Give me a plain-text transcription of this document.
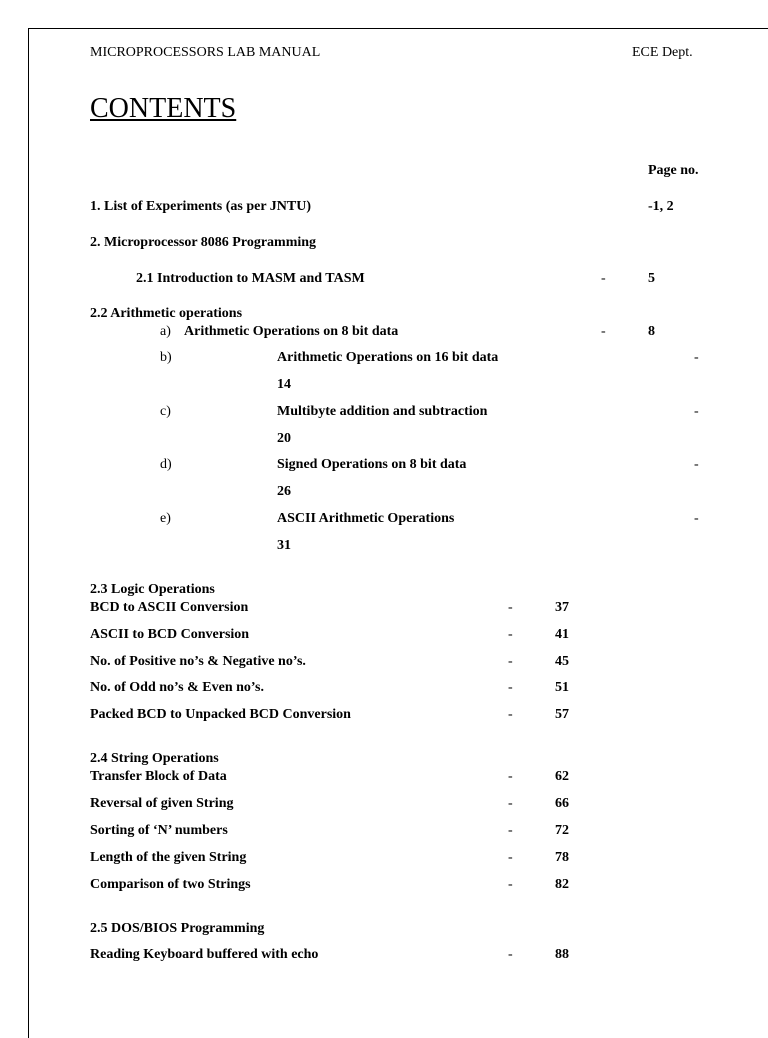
MICROPROCESSORS LAB MANUAL	ECE Dept.
CONTENTS
Page no.
1. List of Experiments (as per JNTU)	-1, 2
2. Microprocessor 8086 Programming
2.1 Introduction to MASM and TASM	-	5
2.2 Arithmetic operations
a) Arithmetic Operations on 8 bit data	-	8
b)	Arithmetic Operations on 16 bit data	-
14
c)	Multibyte addition and subtraction	-
20
d)	Signed Operations on 8 bit data	-
26
e)	ASCII Arithmetic Operations	-
31
2.3 Logic Operations
BCD to ASCII Conversion	-	37
ASCII to BCD Conversion	-	41
No. of Positive no’s & Negative no’s.	-	45
No. of Odd no’s & Even no’s.	-	51
Packed BCD to Unpacked BCD Conversion	-	57
2.4 String Operations
Transfer Block of Data	-	62
Reversal of given String	-	66
Sorting of ‘N’ numbers	-	72
Length of the given String	-	78
Comparison of two Strings	-	82
2.5 DOS/BIOS Programming
Reading Keyboard buffered with echo	-	88
